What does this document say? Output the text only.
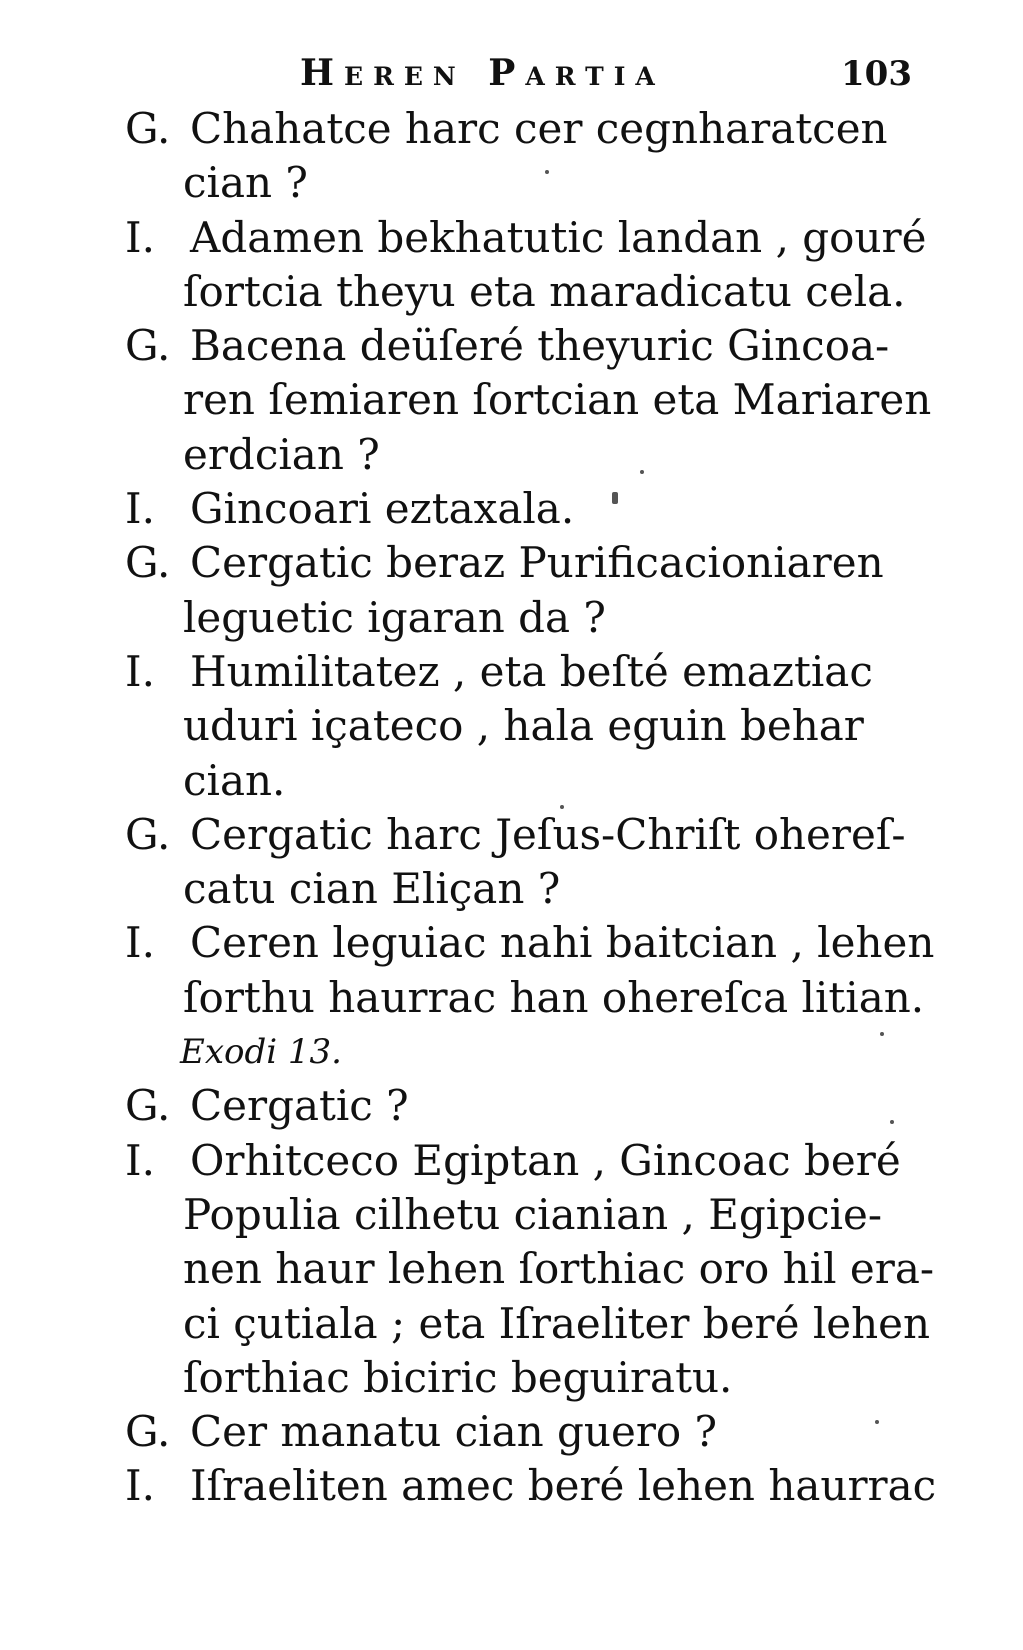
Heren Partia	103
G. Chahatce harc cer cegnharatcen
cian ?
I. Adamen bekhatutic landan , gouré
ſortcia theyu eta maradicatu cela.
G. Bacena deüſeré theyuric Gincoa-
ren ſemiaren ſortcian eta Mariaren
erdcian ?
I. Gincoari eztaxala.
G. Cergatic beraz Purificacioniaren
leguetic igaran da ?
I. Humilitatez , eta beſté emaztiac
uduri içateco , hala eguin behar
cian.
G. Cergatic harc Jeſus-Chriſt ohereſ-
catu cian Eliçan ?
I. Ceren leguiac nahi baitcian , lehen
ſorthu haurrac han ohereſca litian.
Exodi 13.
G. Cergatic ?
I. Orhitceco Egiptan , Gincoac beré
Populia cilhetu cianian , Egipcie-
nen haur lehen ſorthiac oro hil era-
ci çutiala ; eta Iſraeliter beré lehen
ſorthiac biciric beguiratu.
G. Cer manatu cian guero ?
I. Iſraeliten amec beré lehen haurrac
